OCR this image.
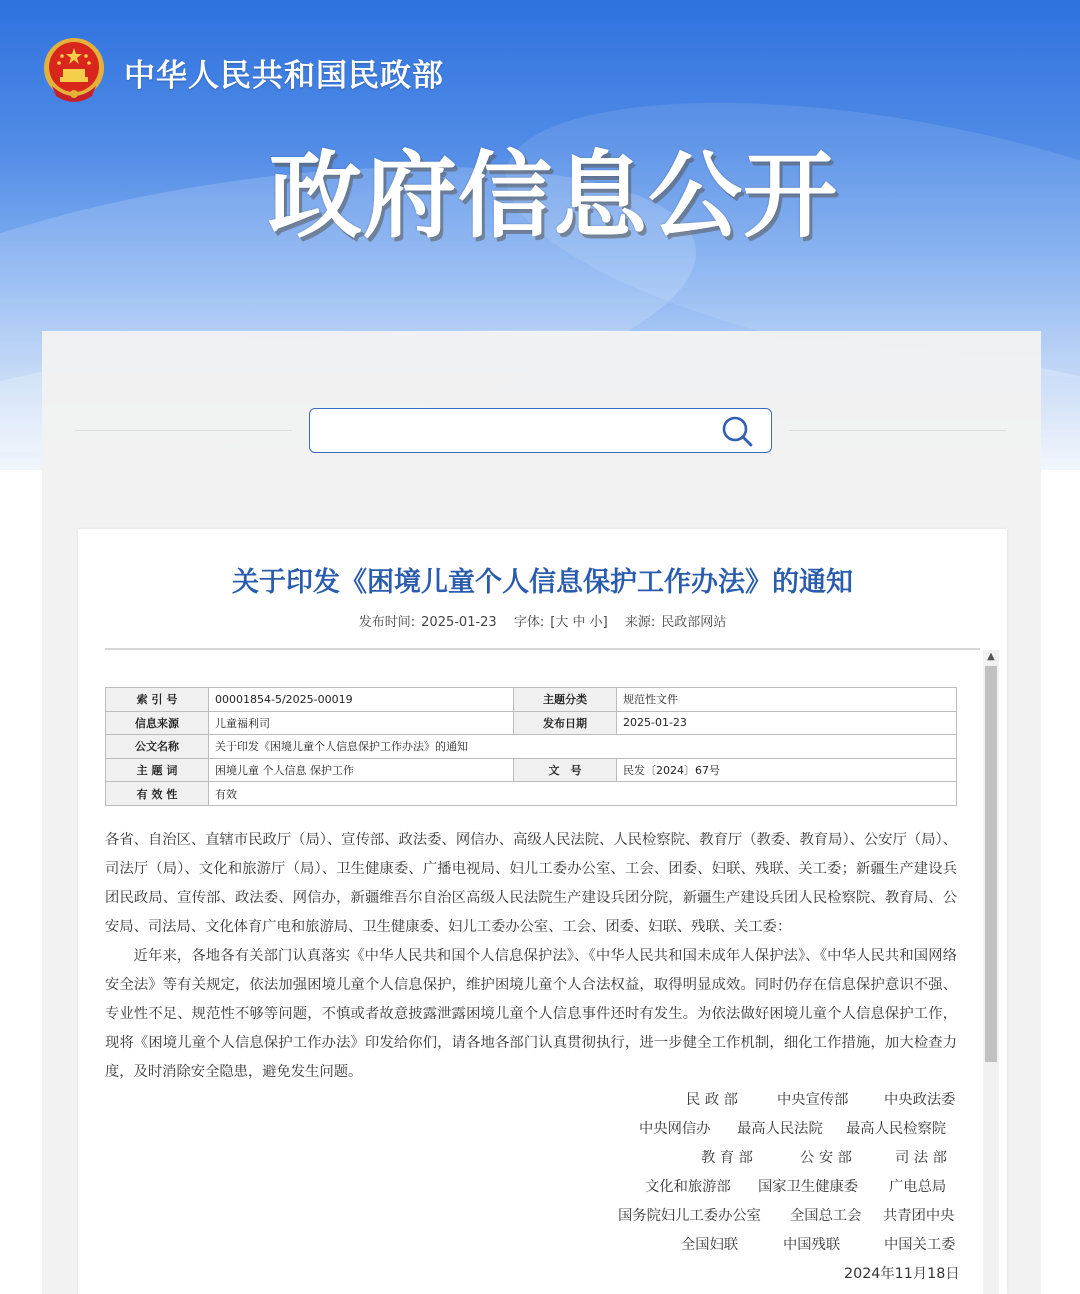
中华人民共和国民政部
政府信息公开
关于印发《困境儿童个人信息保护工作办法》的通知
发布时间: 2025-01-23 字体: [大 中 小] 来源: 民政部网站
▲
索 引 号	00001854-5/2025-00019	主题分类	规范性文件
信息来源	儿童福利司	发布日期	2025-01-23
公文名称	关于印发《困境儿童个人信息保护工作办法》的通知		
主 题 词	困境儿童 个人信息 保护工作	文　号	民发〔2024〕67号
有 效 性	有效		

各省、自治区、直辖市民政厅（局）、宣传部、政法委、网信办、高级人民法院、人民检察院、教育厅（教委、教育局）、公安厅（局）、司法厅（局）、文化和旅游厅（局）、卫生健康委、广播电视局、妇儿工委办公室、工会、团委、妇联、残联、关工委；新疆生产建设兵团民政局、宣传部、政法委、网信办，新疆维吾尔自治区高级人民法院生产建设兵团分院，新疆生产建设兵团人民检察院、教育局、公安局、司法局、文化体育广电和旅游局、卫生健康委、妇儿工委办公室、工会、团委、妇联、残联、关工委：

近年来，各地各有关部门认真落实《中华人民共和国个人信息保护法》、《中华人民共和国未成年人保护法》、《中华人民共和国网络安全法》等有关规定，依法加强困境儿童个人信息保护，维护困境儿童个人合法权益，取得明显成效。同时仍存在信息保护意识不强、专业性不足、规范性不够等问题，不慎或者故意披露泄露困境儿童个人信息事件还时有发生。为依法做好困境儿童个人信息保护工作，现将《困境儿童个人信息保护工作办法》印发给你们，请各地各部门认真贯彻执行，进一步健全工作机制，细化工作措施，加大检查力度，及时消除安全隐患，避免发生问题。

民 政 部	中央宣传部 中央政法委
中央网信办 最高人民法院 最高人民检察院
教 育 部	公 安 部	司 法 部
文化和旅游部 国家卫生健康委 广电总局
国务院妇儿工委办公室 全国总工会 共青团中央
全国妇联	中国残联	中国关工委
2024年11月18日
